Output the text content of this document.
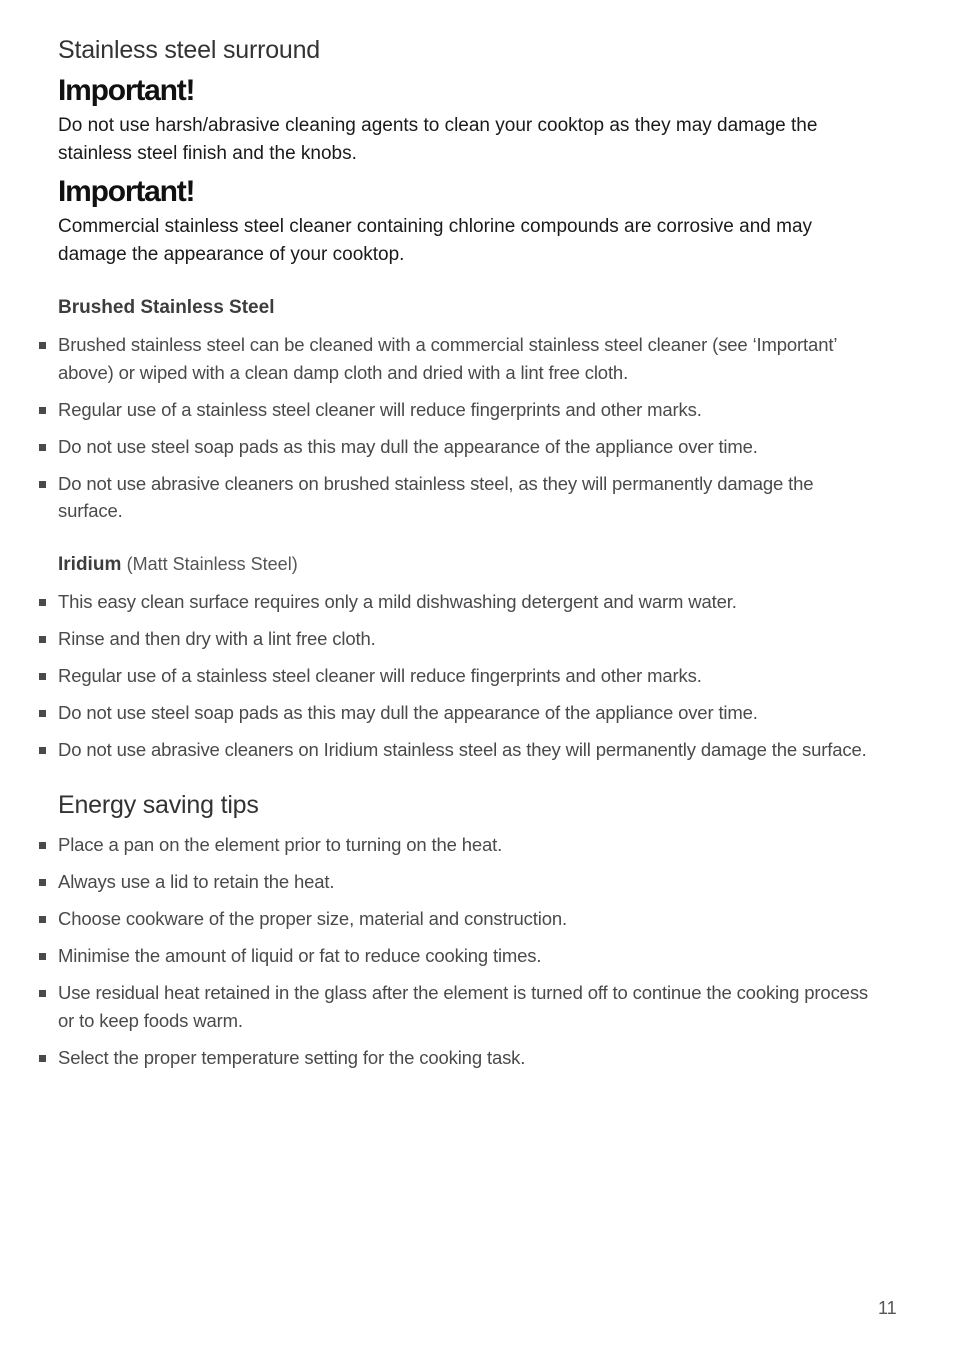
Stainless steel surround
Important!

Do not use harsh/abrasive cleaning agents to clean your cooktop as they may damage the stainless steel finish and the knobs.

Important!

Commercial stainless steel cleaner containing chlorine compounds are corrosive and may damage the appearance of your cooktop.

Brushed Stainless Steel
Brushed stainless steel can be cleaned with a commercial stainless steel cleaner (see ‘Important’ above) or wiped with a clean damp cloth and dried with a lint free cloth.
Regular use of a stainless steel cleaner will reduce fingerprints and other marks.
Do not use steel soap pads as this may dull the appearance of the appliance over time.
Do not use abrasive cleaners on brushed stainless steel, as they will permanently damage the surface.
Iridium (Matt Stainless Steel)
This easy clean surface requires only a mild dishwashing detergent and warm water.
Rinse and then dry with a lint free cloth.
Regular use of a stainless steel cleaner will reduce fingerprints and other marks.
Do not use steel soap pads as this may dull the appearance of the appliance over time.
Do not use abrasive cleaners on Iridium stainless steel as they will permanently damage the surface.
Energy saving tips
Place a pan on the element prior to turning on the heat.
Always use a lid to retain the heat.
Choose cookware of the proper size, material and construction.
Minimise the amount of liquid or fat to reduce cooking times.
Use residual heat retained in the glass after the element is turned off to continue the cooking process or to keep foods warm.
Select the proper temperature setting for the cooking task.
11
